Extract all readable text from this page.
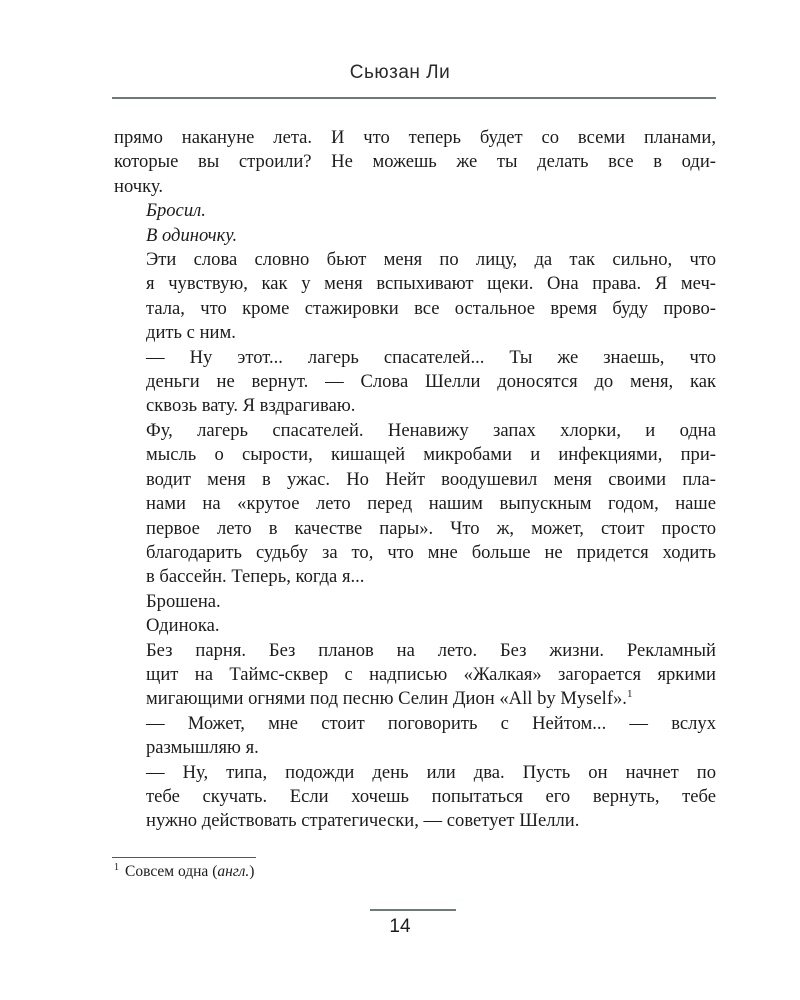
Сьюзан Ли

прямо накануне лета. И что теперь будет со всеми планами,
которые вы строили? Не можешь же ты делать все в оди-
ночку.

Бросил.

В одиночку.

Эти слова словно бьют меня по лицу, да так сильно, что
я чувствую, как у меня вспыхивают щеки. Она права. Я меч-
тала, что кроме стажировки все остальное время буду прово-
дить с ним.

— Ну этот... лагерь спасателей... Ты же знаешь, что
деньги не вернут. — Слова Шелли доносятся до меня, как
сквозь вату. Я вздрагиваю.

Фу, лагерь спасателей. Ненавижу запах хлорки, и одна
мысль о сырости, кишащей микробами и инфекциями, при-
водит меня в ужас. Но Нейт воодушевил меня своими пла-
нами на «крутое лето перед нашим выпускным годом, наше
первое лето в качестве пары». Что ж, может, стоит просто
благодарить судьбу за то, что мне больше не придется ходить
в бассейн. Теперь, когда я...

Брошена.

Одинока.

Без парня. Без планов на лето. Без жизни. Рекламный
щит на Таймс-сквер с надписью «Жалкая» загорается яркими
мигающими огнями под песню Селин Дион «All by Myself».$^1$

— Может, мне стоит поговорить с Нейтом... — вслух
размышляю я.

— Ну, типа, подожди день или два. Пусть он начнет по
тебе скучать. Если хочешь попытаться его вернуть, тебе
нужно действовать стратегически, — советует Шелли.

$^1$ Совсем одна (англ.)
14
